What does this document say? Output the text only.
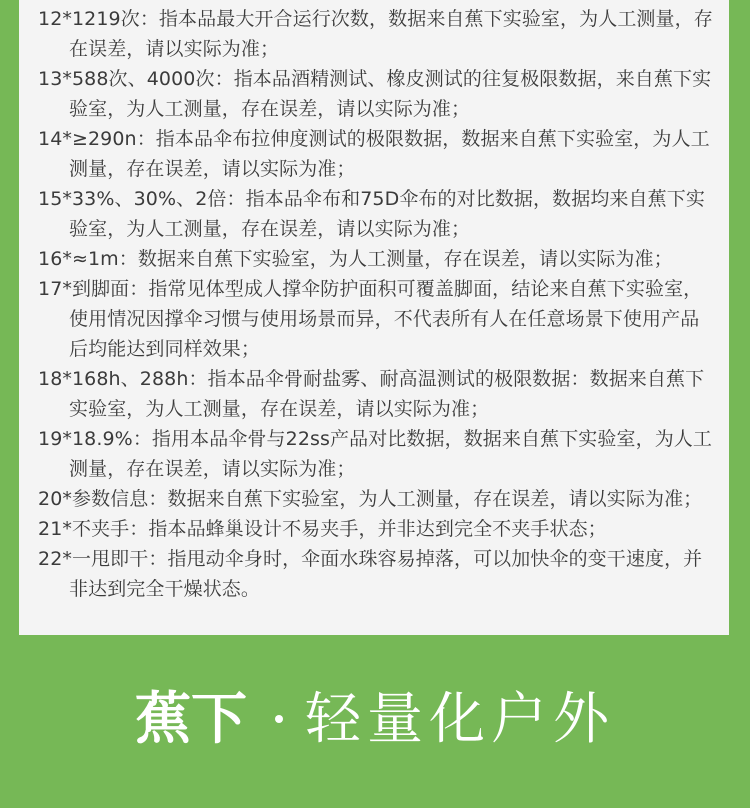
12*1219次：指本品最大开合运行次数，数据来自蕉下实验室，为人工测量，存在误差，请以实际为准；
13*588次、4000次：指本品酒精测试、橡皮测试的往复极限数据，来自蕉下实验室，为人工测量，存在误差，请以实际为准；
14*≥290n：指本品伞布拉伸度测试的极限数据，数据来自蕉下实验室，为人工测量，存在误差，请以实际为准；
15*33%、30%、2倍：指本品伞布和75D伞布的对比数据，数据均来自蕉下实验室，为人工测量，存在误差，请以实际为准；
16*≈1m：数据来自蕉下实验室，为人工测量，存在误差，请以实际为准；
17*到脚面：指常见体型成人撑伞防护面积可覆盖脚面，结论来自蕉下实验室，使用情况因撑伞习惯与使用场景而异，不代表所有人在任意场景下使用产品后均能达到同样效果；
18*168h、288h：指本品伞骨耐盐雾、耐高温测试的极限数据：数据来自蕉下实验室，为人工测量，存在误差，请以实际为准；
19*18.9%：指用本品伞骨与22ss产品对比数据，数据来自蕉下实验室，为人工测量，存在误差，请以实际为准；
20*参数信息：数据来自蕉下实验室，为人工测量，存在误差，请以实际为准；
21*不夹手：指本品蜂巢设计不易夹手，并非达到完全不夹手状态；
22*一甩即干：指甩动伞身时，伞面水珠容易掉落，可以加快伞的变干速度，并非达到完全干燥状态。
蕉下 轻量化户外
